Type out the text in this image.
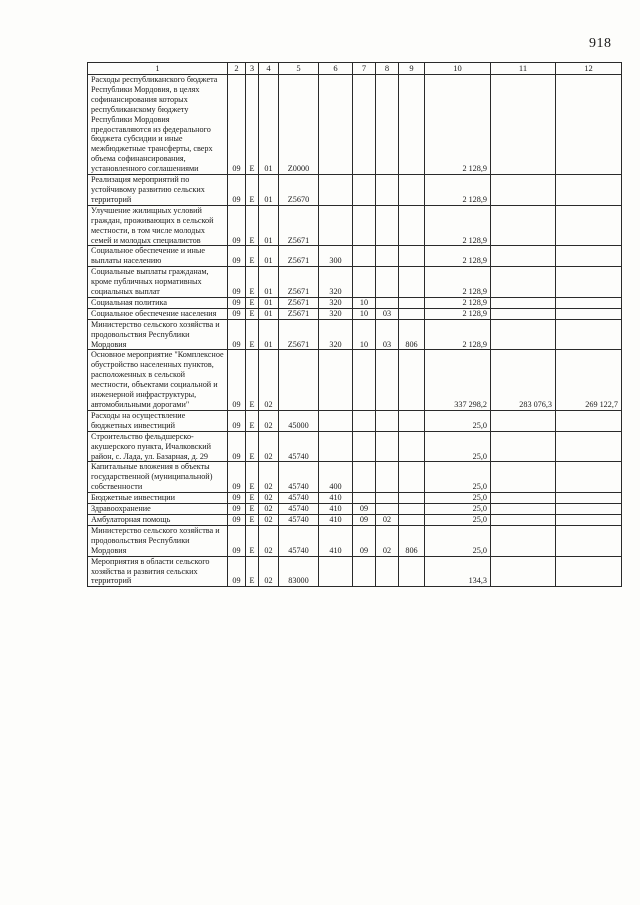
918
1	2	3	4	5	6	7	8	9	10	11	12
Расходы республиканского бюджета Республики Мордовия, в целях софинансирования которых республиканскому бюджету Республики Мордовия предоставляются из федерального бюджета субсидии и иные межбюджетные трансферты, сверх объема софинансирования, установленного соглашениями	09	Е	01	Z0000					2 128,9		
Реализация мероприятий по устойчивому развитию сельских территорий	09	Е	01	Z5670					2 128,9		
Улучшение жилищных условий граждан, проживающих в сельской местности, в том числе молодых семей и молодых специалистов	09	Е	01	Z5671					2 128,9		
Социальное обеспечение и иные выплаты населению	09	Е	01	Z5671	300				2 128,9		
Социальные выплаты гражданам, кроме публичных нормативных социальных выплат	09	Е	01	Z5671	320				2 128,9		
Социальная политика	09	Е	01	Z5671	320	10			2 128,9		
Социальное обеспечение населения	09	Е	01	Z5671	320	10	03		2 128,9		
Министерство сельского хозяйства и продовольствия Республики Мордовия	09	Е	01	Z5671	320	10	03	806	2 128,9		
Основное мероприятие "Комплексное обустройство населенных пунктов, расположенных в сельской местности, объектами социальной и инженерной инфраструктуры, автомобильными дорогами"	09	Е	02						337 298,2	283 076,3	269 122,7
Расходы на осуществление бюджетных инвестиций	09	Е	02	45000					25,0		
Строительство фельдшерско-акушерского пункта, Ичалковский район, с. Лада, ул. Базарная, д. 29	09	Е	02	45740					25,0		
Капитальные вложения в объекты государственной (муниципальной) собственности	09	Е	02	45740	400				25,0		
Бюджетные инвестиции	09	Е	02	45740	410				25,0		
Здравоохранение	09	Е	02	45740	410	09			25,0		
Амбулаторная помощь	09	Е	02	45740	410	09	02		25,0		
Министерство сельского хозяйства и продовольствия Республики Мордовия	09	Е	02	45740	410	09	02	806	25,0		
Мероприятия в области сельского хозяйства и развития сельских территорий	09	Е	02	83000					134,3		
